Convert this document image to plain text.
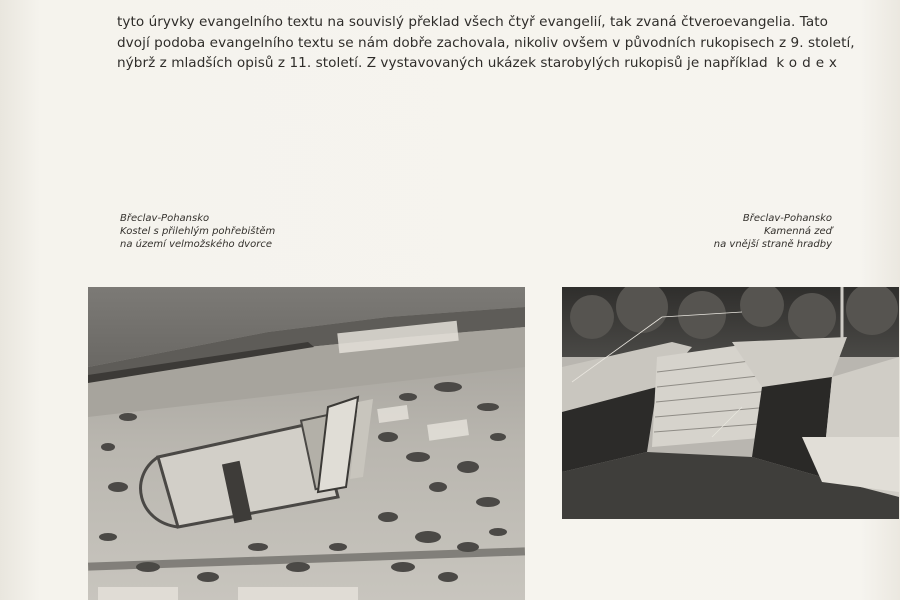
tyto úryvky evangelního textu na souvislý překlad všech čtyř evangelií, tak zvaná čtveroevangelia. Tato
dvojí podoba evangelního textu se nám dobře zachovala, nikoliv ovšem v původních rukopisech z 9. století,
nýbrž z mladších opisů z 11. století. Z vystavovaných ukázek starobylých rukopisů je například kodex
Břeclav-Pohansko
Kostel s přilehlým pohřebištěm
na území velmožského dvorce
Břeclav-Pohansko
Kamenná zeď
na vnější straně hradby
